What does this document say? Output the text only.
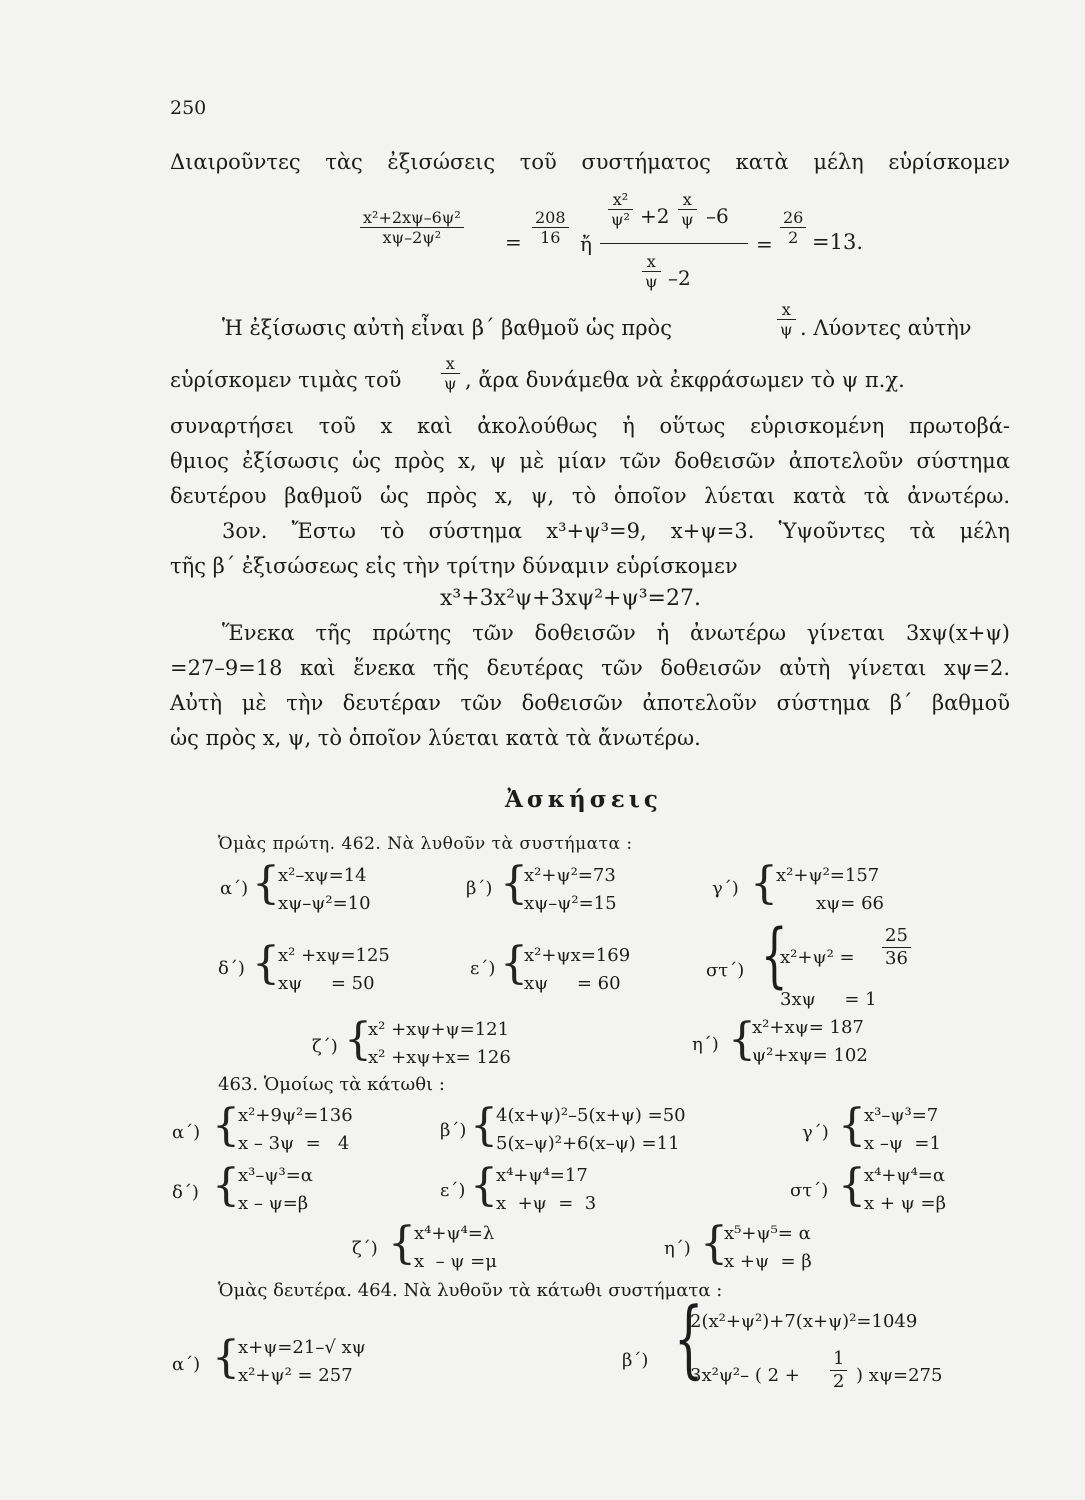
250
Διαιροῦντες τὰς ἐξισώσεις τοῦ συστήματος κατὰ μέλη εὑρίσκομεν
$\frac{\text{x²+2xψ–6ψ²}}{\text{xψ–2ψ²}} = \frac{208}{16}$ ἤ
$\frac{\text{x²}}{\text{ψ²}} +2 \frac{x}{\psi} -6$
$\frac{x}{\psi} -2$
= $\frac{26}{2} =13$.
Ἡ ἐξίσωσις αὐτὴ εἶναι β΄ βαθμοῦ ὡς πρὸς	$\frac{x}{\psi}$ . Λύοντες αὐτὴν
εὑρίσκομεν τιμὰς τοῦ $\frac{x}{\psi}$ , ἄρα δυνάμεθα νὰ ἐκφράσωμεν τὸ ψ π.χ.
συναρτήσει τοῦ x καὶ ἀκολούθως ἡ οὕτως εὑρισκομένη πρωτοβά-
θμιος ἐξίσωσις ὡς πρὸς x, ψ μὲ μίαν τῶν δοθεισῶν ἀποτελοῦν σύστημα
δευτέρου βαθμοῦ ὡς πρὸς x, ψ, τὸ ὁποῖον λύεται κατὰ τὰ ἀνωτέρω.
3ον. Ἔστω τὸ σύστημα x³+ψ³=9, x+ψ=3. Ὑψοῦντες τὰ μέλη
τῆς β΄ ἐξισώσεως εἰς τὴν τρίτην δύναμιν εὑρίσκομεν
x³+3x²ψ+3xψ²+ψ³=27.
Ἕνεκα τῆς πρώτης τῶν δοθεισῶν ἡ ἀνωτέρω γίνεται 3xψ(x+ψ)
=27–9=18 καὶ ἕνεκα τῆς δευτέρας τῶν δοθεισῶν αὐτὴ γίνεται xψ=2.
Αὐτὴ μὲ τὴν δευτέραν τῶν δοθεισῶν ἀποτελοῦν σύστημα β΄ βαθμοῦ
ὡς πρὸς x, ψ, τὸ ὁποῖον λύεται κατὰ τὰ ἄνωτέρω.
Ἀσκήσεις
Ὁμὰς πρώτη. 462. Νὰ λυθοῦν τὰ συστήματα :
α΄) {
x²–xψ=14
xψ–ψ²=10
β΄) {
x²+ψ²=73
xψ–ψ²=15
γ΄) {
x²+ψ²=157
xψ= 66
δ΄) {
x² +xψ=125
xψ     = 50
ε΄) {
x²+ψx=169
xψ     = 60
στ΄) {
$x^2+\psi^2 = \frac{25}{36}$
3xψ     = 1
ζ΄) {
x² +xψ+ψ=121
x² +xψ+x= 126
η΄) {
x²+xψ= 187
ψ²+xψ= 102
463. Ὁμοίως τὰ κάτωθι :
α΄) {
x²+9ψ²=136
x – 3ψ  =   4
β΄) {
4(x+ψ)²–5(x+ψ) =50
5(x–ψ)²+6(x–ψ) =11
γ΄) {
x³–ψ³=7
x –ψ  =1
δ΄) {
x³–ψ³=α
x – ψ=β
ε΄) {
x⁴+ψ⁴=17
x  +ψ  =  3
στ΄) {
x⁴+ψ⁴=α
x + ψ =β
ζ΄) {
x⁴+ψ⁴=λ
x  – ψ =μ
η΄) {
x⁵+ψ⁵= α
x +ψ  = β
Ὁμὰς δευτέρα. 464. Νὰ λυθοῦν τὰ κάτωθι συστήματα :
α΄) {
x+ψ=21–√ xψ
x²+ψ² = 257
β΄) {
2(x²+ψ²)+7(x+ψ)²=1049
3x²ψ²– ( $2 + \frac{1}{2}$ ) xψ=275
